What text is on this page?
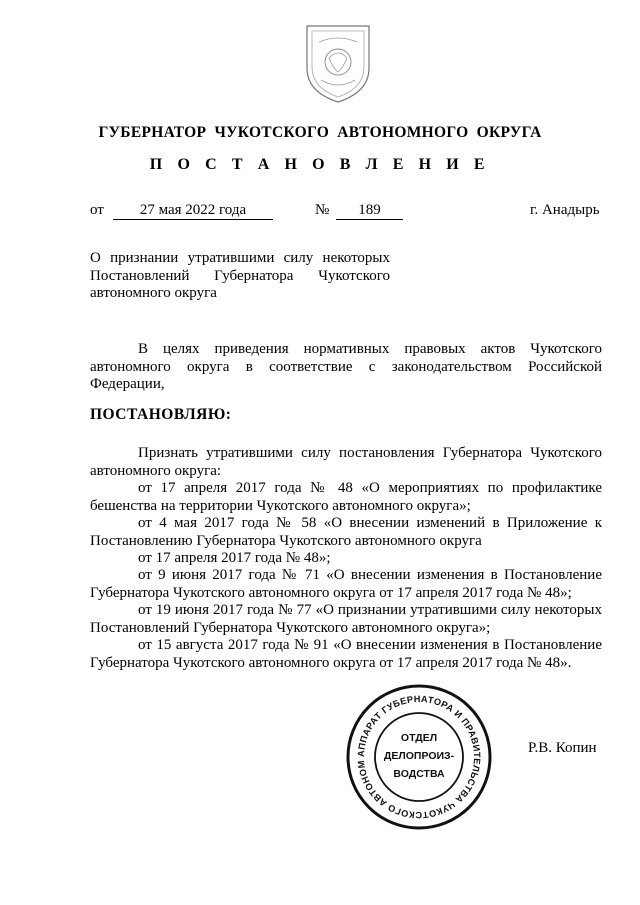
ГУБЕРНАТОР ЧУКОТСКОГО АВТОНОМНОГО ОКРУГА
П О С Т А Н О В Л Е Н И Е
от	27 мая 2022 года	№	189	г. Анадырь
О признании утратившими силу некоторых Постановлений Губернатора Чукотского автономного округа
В целях приведения нормативных правовых актов Чукотского автономного округа в соответствие с законодательством Российской Федерации,
ПОСТАНОВЛЯЮ:
Признать утратившими силу постановления Губернатора Чукотского автономного округа:
от 17 апреля 2017 года № 48 «О мероприятиях по профилактике бешенства на территории Чукотского автономного округа»;
от 4 мая 2017 года № 58 «О внесении изменений в Приложение к Постановлению Губернатора Чукотского автономного округа
от 17 апреля 2017 года № 48»;
от 9 июня 2017 года № 71 «О внесении изменения в Постановление Губернатора Чукотского автономного округа от 17 апреля 2017 года № 48»;
от 19 июня 2017 года № 77 «О признании утратившими силу некоторых Постановлений Губернатора Чукотского автономного округа»;
от 15 августа 2017 года № 91 «О внесении изменения в Постановление Губернатора Чукотского автономного округа от 17 апреля 2017 года № 48».
АППАРАТ ГУБЕРНАТОРА И ПРАВИТЕЛЬСТВА ЧУКОТСКОГО АВТОНОМ
ОТДЕЛ
ДЕЛОПРОИЗ-
ВОДСТВА
Р.В. Копин
